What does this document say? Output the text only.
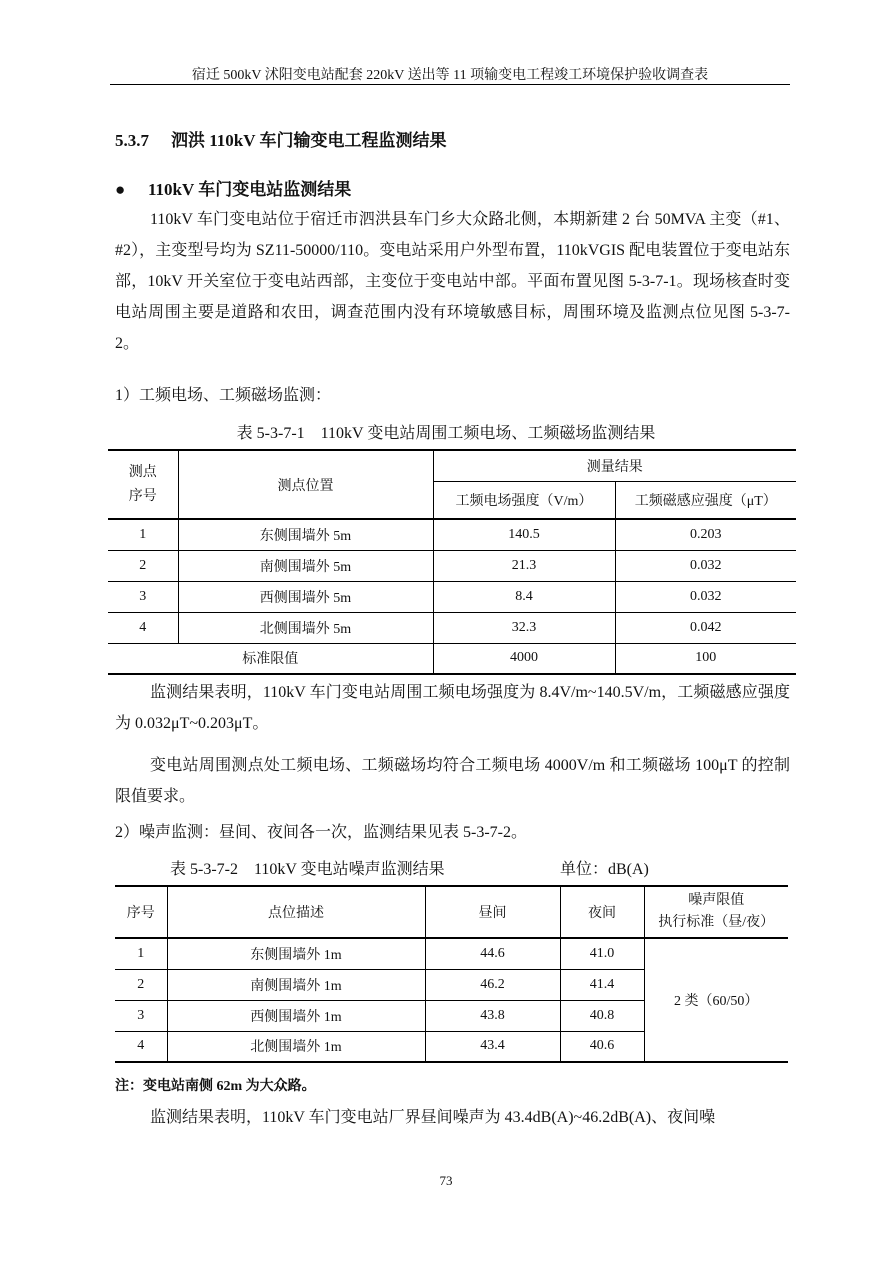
宿迁 500kV 沭阳变电站配套 220kV 送出等 11 项输变电工程竣工环境保护验收调查表
5.3.7 泗洪 110kV 车门输变电工程监测结果
● 110kV 车门变电站监测结果
110kV 车门变电站位于宿迁市泗洪县车门乡大众路北侧，本期新建 2 台 50MVA 主变（#1、#2），主变型号均为 SZ11-50000/110。变电站采用户外型布置，110kVGIS 配电装置位于变电站东部，10kV 开关室位于变电站西部，主变位于变电站中部。平面布置见图 5-3-7-1。现场核查时变电站周围主要是道路和农田，调查范围内没有环境敏感目标，周围环境及监测点位见图 5-3-7-2。
1）工频电场、工频磁场监测：
表 5-3-7-1　110kV 变电站周围工频电场、工频磁场监测结果
测点
序号	测点位置	测量结果	
		工频电场强度（V/m）	工频磁感应强度（μT）
1	东侧围墙外 5m	140.5	0.203
2	南侧围墙外 5m	21.3	0.032
3	西侧围墙外 5m	8.4	0.032
4	北侧围墙外 5m	32.3	0.042
标准限值		4000	100
监测结果表明，110kV 车门变电站周围工频电场强度为 8.4V/m~140.5V/m，工频磁感应强度为 0.032μT~0.203μT。
变电站周围测点处工频电场、工频磁场均符合工频电场 4000V/m 和工频磁场 100μT 的控制限值要求。
2）噪声监测：昼间、夜间各一次，监测结果见表 5-3-7-2。
表 5-3-7-2　110kV 变电站噪声监测结果	单位：dB(A)
序号	点位描述	昼间	夜间	噪声限值
执行标准（昼/夜）
1	东侧围墙外 1m	44.6	41.0	2 类（60/50）
2	南侧围墙外 1m	46.2	41.4	
3	西侧围墙外 1m	43.8	40.8	
4	北侧围墙外 1m	43.4	40.6	
注：变电站南侧 62m 为大众路。
监测结果表明，110kV 车门变电站厂界昼间噪声为 43.4dB(A)~46.2dB(A)、夜间噪
73
